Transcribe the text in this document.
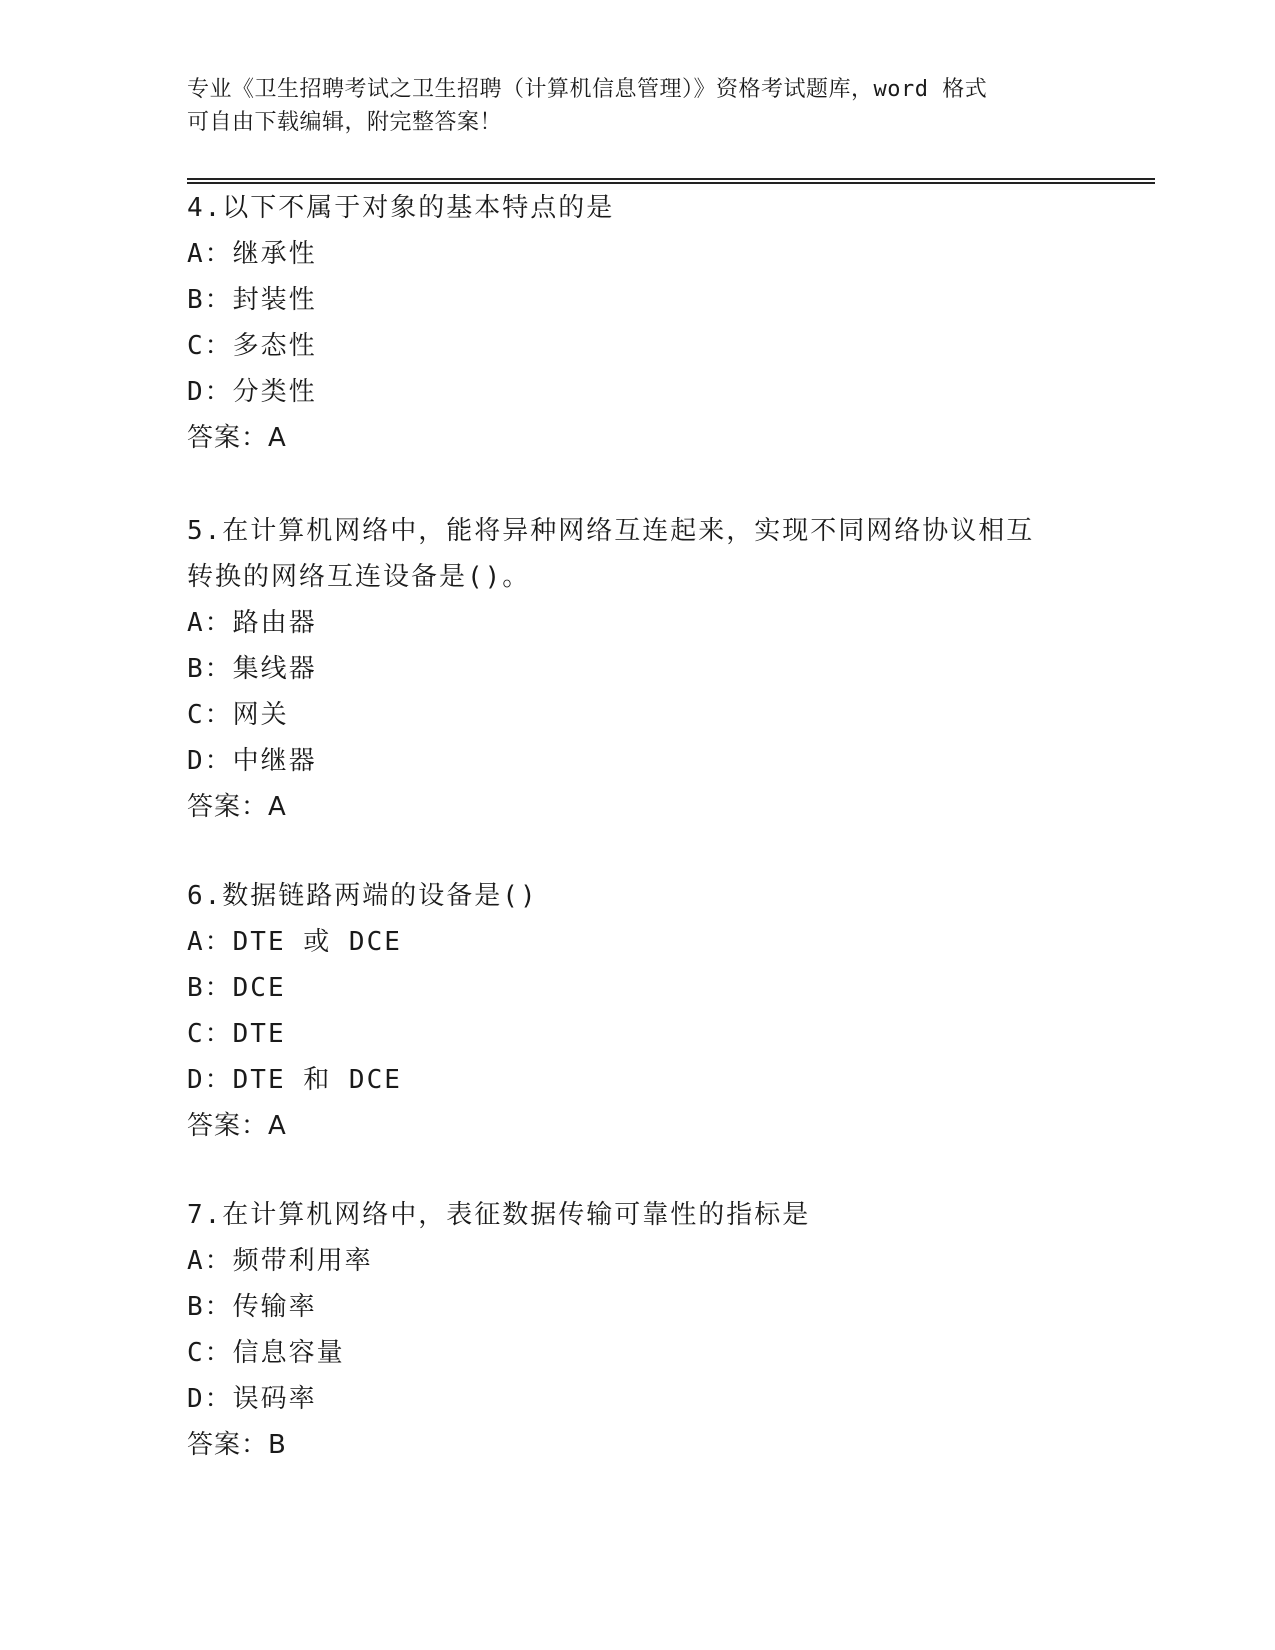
专业《卫生招聘考试之卫生招聘（计算机信息管理）》资格考试题库，word 格式
可自由下载编辑，附完整答案！
4.以下不属于对象的基本特点的是
A：继承性
B：封装性
C：多态性
D：分类性
答案：A
5.在计算机网络中，能将异种网络互连起来，实现不同网络协议相互
转换的网络互连设备是()。
A：路由器
B：集线器
C：网关
D：中继器
答案：A
6.数据链路两端的设备是()
A：DTE 或 DCE
B：DCE
C：DTE
D：DTE 和 DCE
答案：A
7.在计算机网络中，表征数据传输可靠性的指标是
A：频带利用率
B：传输率
C：信息容量
D：误码率
答案：B
